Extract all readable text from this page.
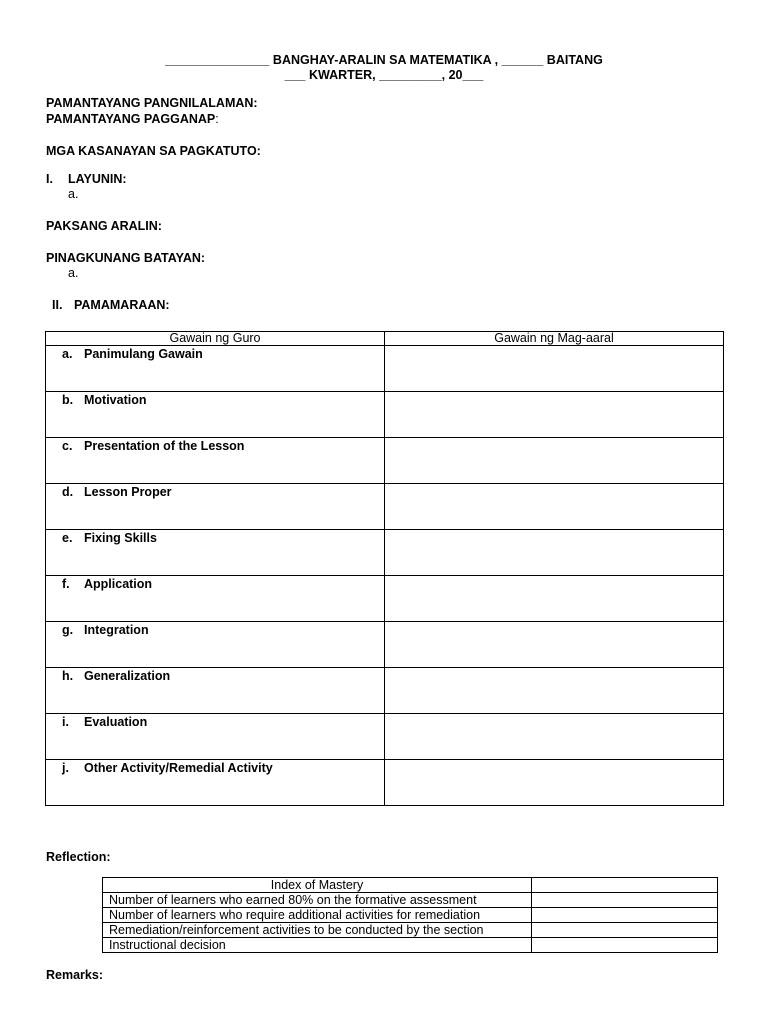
_______________ BANGHAY-ARALIN SA MATEMATIKA , ______ BAITANG
___ KWARTER, _________, 20___
PAMANTAYANG PANGNILALAMAN:
PAMANTAYANG PAGGANAP:
MGA KASANAYAN SA PAGKATUTO:
I. LAYUNIN:
a.
PAKSANG ARALIN:
PINAGKUNANG BATAYAN:
a.
II. PAMAMARAAN:
Gawain ng Guro	Gawain ng Mag-aaral

a. Panimulang Gawain	

b. Motivation	

c. Presentation of the Lesson	

d. Lesson Proper	

e. Fixing Skills	

f. Application	

g. Integration	

h. Generalization	

i. Evaluation	

j. Other Activity/Remedial Activity	

Reflection:
Index of Mastery	
Number of learners who earned 80% on the formative assessment	
Number of learners who require additional activities for remediation	
Remediation/reinforcement activities to be conducted by the section	
Instructional decision	
Remarks:
